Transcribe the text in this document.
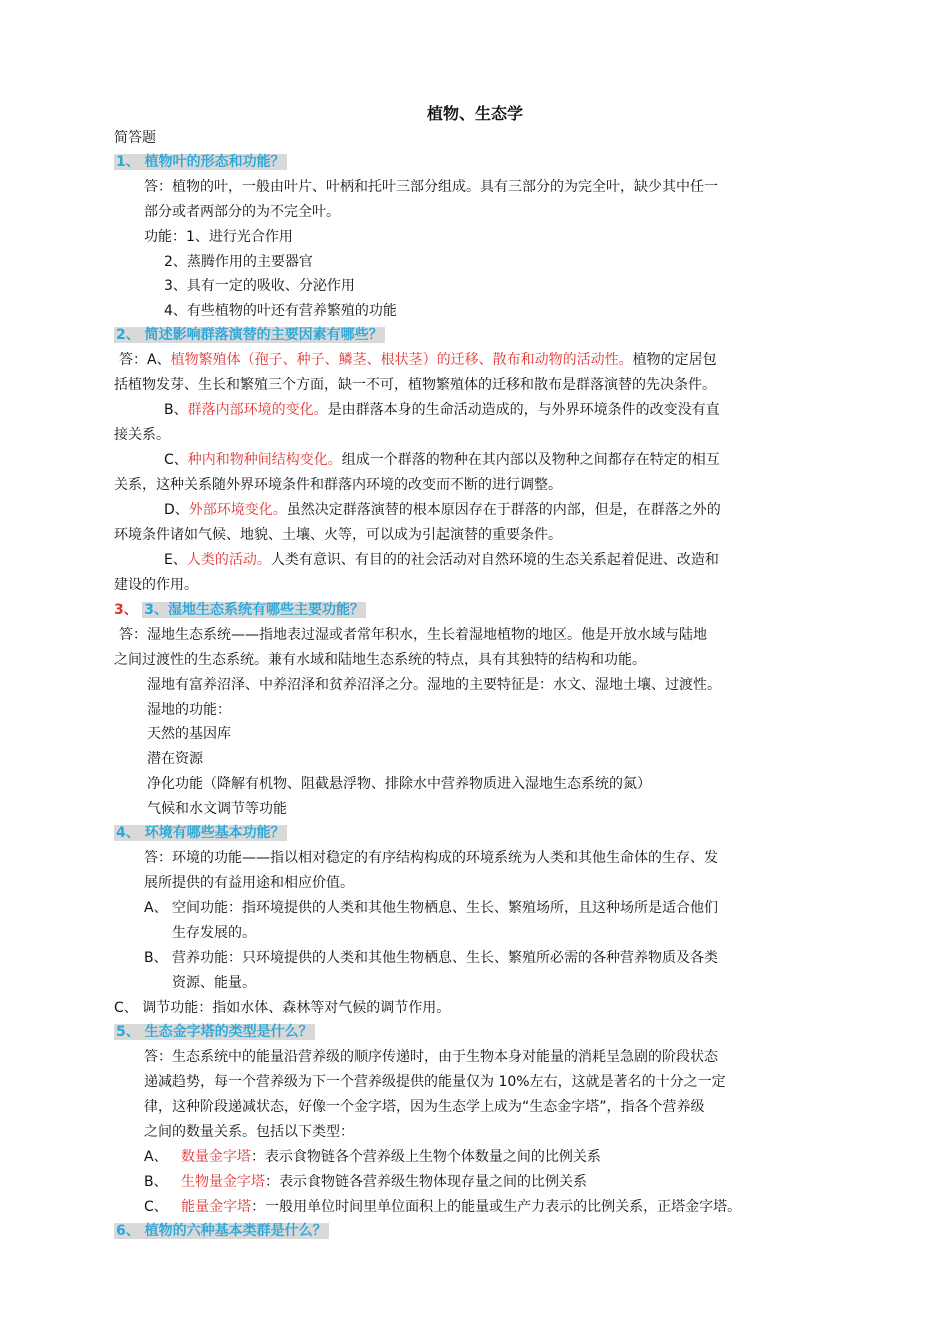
植物、生态学
简答题
1、 植物叶的形态和功能？
答：植物的叶，一般由叶片、叶柄和托叶三部分组成。具有三部分的为完全叶，缺少其中任一
部分或者两部分的为不完全叶。
功能：1、进行光合作用
2、蒸腾作用的主要器官
3、具有一定的吸收、分泌作用
4、有些植物的叶还有营养繁殖的功能
2、 简述影响群落演替的主要因素有哪些？
答：A、植物繁殖体（孢子、种子、鳞茎、根状茎）的迁移、散布和动物的活动性。植物的定居包
括植物发芽、生长和繁殖三个方面，缺一不可，植物繁殖体的迁移和散布是群落演替的先决条件。
B、群落内部环境的变化。是由群落本身的生命活动造成的，与外界环境条件的改变没有直
接关系。
C、种内和物种间结构变化。组成一个群落的物种在其内部以及物种之间都存在特定的相互
关系，这种关系随外界环境条件和群落内环境的改变而不断的进行调整。
D、外部环境变化。虽然决定群落演替的根本原因存在于群落的内部，但是，在群落之外的
环境条件诸如气候、地貌、土壤、火等，可以成为引起演替的重要条件。
E、人类的活动。人类有意识、有目的的社会活动对自然环境的生态关系起着促进、改造和
建设的作用。
3、 3、湿地生态系统有哪些主要功能？
答：湿地生态系统——指地表过湿或者常年积水，生长着湿地植物的地区。他是开放水域与陆地
之间过渡性的生态系统。兼有水域和陆地生态系统的特点，具有其独特的结构和功能。
湿地有富养沼泽、中养沼泽和贫养沼泽之分。湿地的主要特征是：水文、湿地土壤、过渡性。
湿地的功能：
天然的基因库
潜在资源
净化功能（降解有机物、阻截悬浮物、排除水中营养物质进入湿地生态系统的氮）
气候和水文调节等功能
4、 环境有哪些基本功能？
答：环境的功能——指以相对稳定的有序结构构成的环境系统为人类和其他生命体的生存、发
展所提供的有益用途和相应价值。
A、 空间功能：指环境提供的人类和其他生物栖息、生长、繁殖场所，且这种场所是适合他们
生存发展的。
B、 营养功能：只环境提供的人类和其他生物栖息、生长、繁殖所必需的各种营养物质及各类
资源、能量。
C、 调节功能：指如水体、森林等对气候的调节作用。
5、 生态金字塔的类型是什么？
答：生态系统中的能量沿营养级的顺序传递时，由于生物本身对能量的消耗呈急剧的阶段状态
递减趋势，每一个营养级为下一个营养级提供的能量仅为 10%左右，这就是著名的十分之一定
律，这种阶段递减状态，好像一个金字塔，因为生态学上成为“生态金字塔”，指各个营养级
之间的数量关系。包括以下类型：
A、 数量金字塔：表示食物链各个营养级上生物个体数量之间的比例关系
B、 生物量金字塔：表示食物链各营养级生物体现存量之间的比例关系
C、 能量金字塔：一般用单位时间里单位面积上的能量或生产力表示的比例关系，正塔金字塔。
6、 植物的六种基本类群是什么？
